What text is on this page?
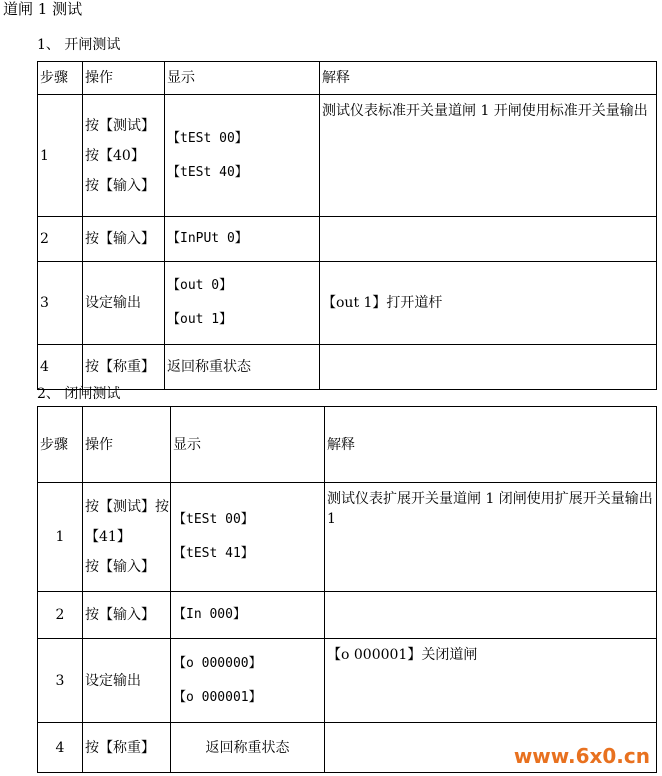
道闸 1 测试
1、 开闸测试
步骤	操作	显示	解释
1	按【测试】
按【40】
按【输入】	【tESt 00】
【tESt 40】	测试仪表标准开关量道闸 1 开闸使用标准开关量输出
2	按【输入】	【InPUt 0】	

3	设定输出	【out 0】
【out 1】	【out 1】打开道杆
4	按【称重】	返回称重状态	
2、 闭闸测试
步骤	操作	显示	解释
1	按【测试】按
【41】
按【输入】	【tESt 00】
【tESt 41】	测试仪表扩展开关量道闸 1 闭闸使用扩展开关量输出 1
2	按【输入】	【In 000】	

3	设定输出	【o 000000】
【o 000001】	【o 000001】关闭道闸
4	按【称重】	返回称重状态		www.6x0.cn
